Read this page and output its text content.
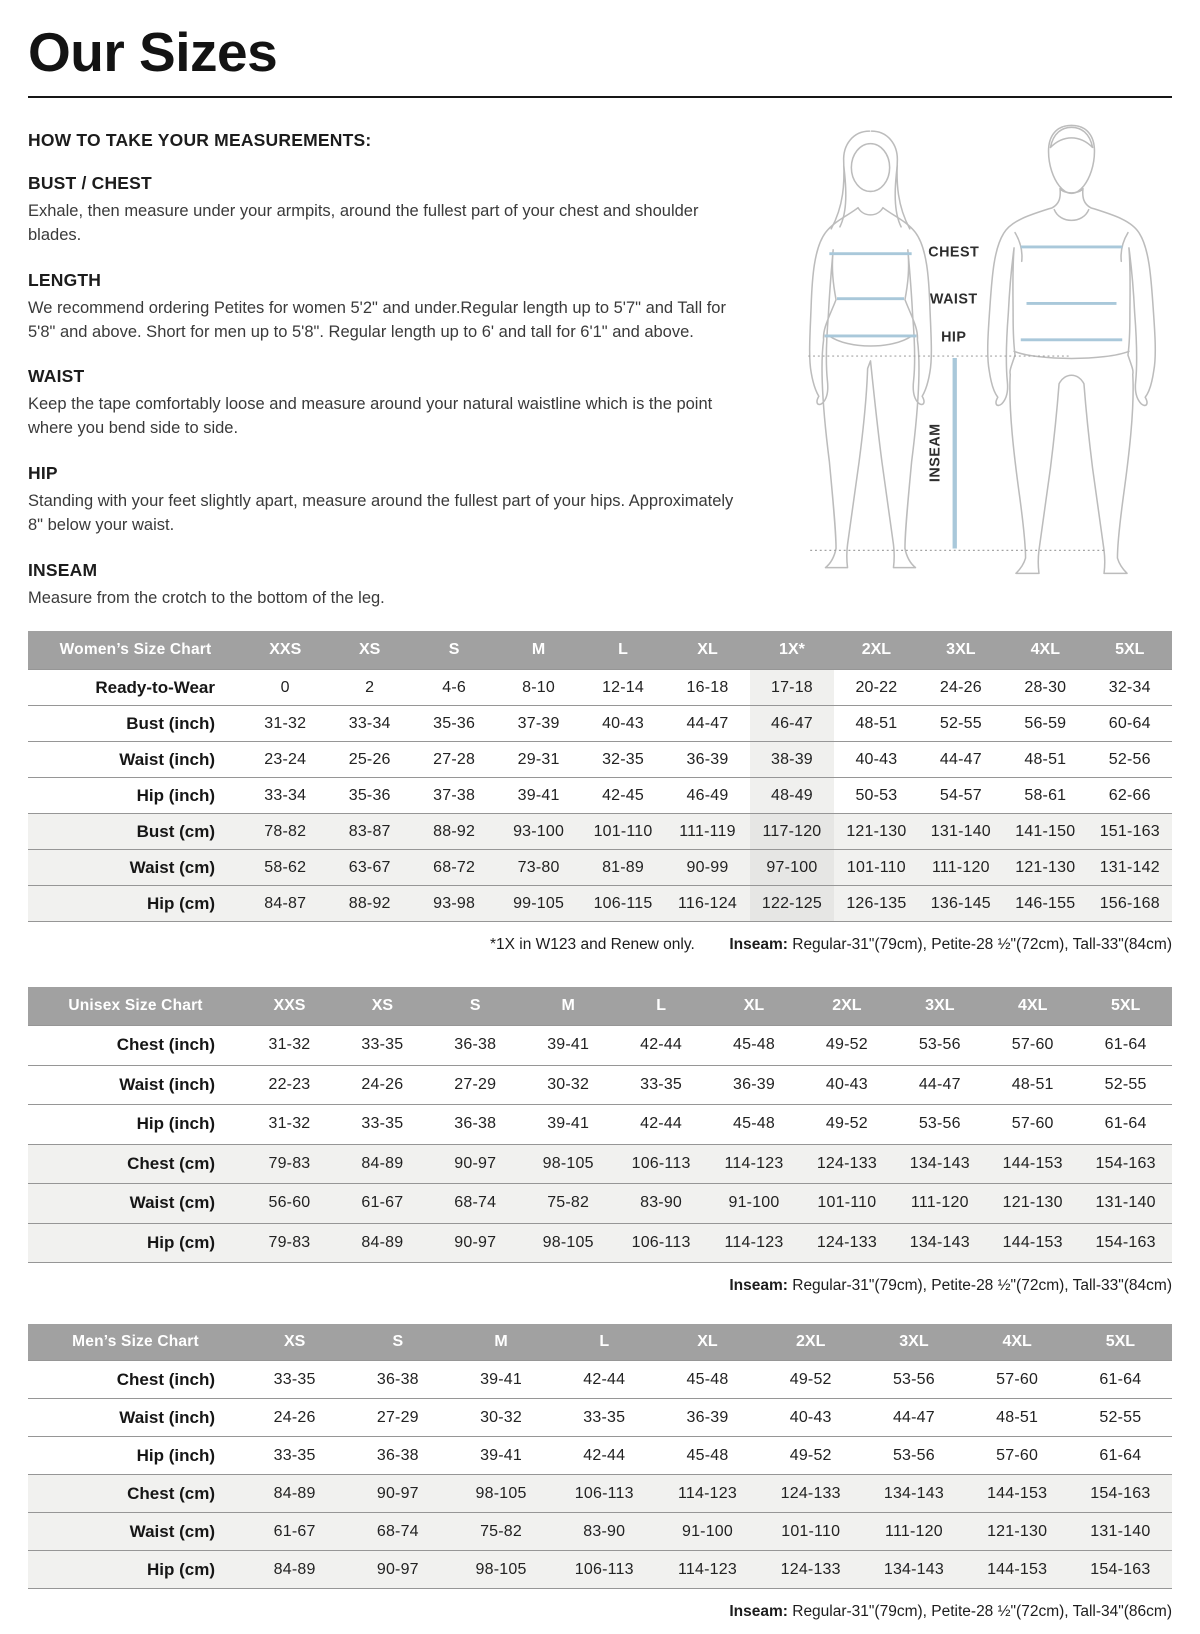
Our Sizes
HOW TO TAKE YOUR MEASUREMENTS:
BUST / CHEST
Exhale, then measure under your armpits, around the fullest part of your chest and shoulder blades.
LENGTH
We recommend ordering Petites for women 5'2" and under.Regular length up to 5'7" and Tall for 5'8" and above. Short for men up to 5'8". Regular length up to 6' and tall for 6'1" and above.
WAIST
Keep the tape comfortably loose and measure around your natural waistline which is the point where you bend side to side.
HIP
Standing with your feet slightly apart, measure around the fullest part of your hips. Approximately 8" below your waist.
INSEAM
Measure from the crotch to the bottom of the leg.
CHEST
WAIST
HIP
INSEAM
Women’s Size Chart	XXS	XS	S	M	L	XL	1X*	2XL	3XL	4XL	5XL
Ready-to-Wear	0	2	4-6	8-10	12-14	16-18	17-18	20-22	24-26	28-30	32-34
Bust (inch)	31-32	33-34	35-36	37-39	40-43	44-47	46-47	48-51	52-55	56-59	60-64
Waist (inch)	23-24	25-26	27-28	29-31	32-35	36-39	38-39	40-43	44-47	48-51	52-56
Hip (inch)	33-34	35-36	37-38	39-41	42-45	46-49	48-49	50-53	54-57	58-61	62-66
Bust (cm)	78-82	83-87	88-92	93-100	101-110	111-119	117-120	121-130	131-140	141-150	151-163
Waist (cm)	58-62	63-67	68-72	73-80	81-89	90-99	97-100	101-110	111-120	121-130	131-142
Hip (cm)	84-87	88-92	93-98	99-105	106-115	116-124	122-125	126-135	136-145	146-155	156-168
*1X in W123 and Renew only. Inseam: Regular-31"(79cm), Petite-28 ½"(72cm), Tall-33"(84cm)
Unisex Size Chart	XXS	XS	S	M	L	XL	2XL	3XL	4XL	5XL
Chest (inch)	31-32	33-35	36-38	39-41	42-44	45-48	49-52	53-56	57-60	61-64
Waist (inch)	22-23	24-26	27-29	30-32	33-35	36-39	40-43	44-47	48-51	52-55
Hip (inch)	31-32	33-35	36-38	39-41	42-44	45-48	49-52	53-56	57-60	61-64
Chest (cm)	79-83	84-89	90-97	98-105	106-113	114-123	124-133	134-143	144-153	154-163
Waist (cm)	56-60	61-67	68-74	75-82	83-90	91-100	101-110	111-120	121-130	131-140
Hip (cm)	79-83	84-89	90-97	98-105	106-113	114-123	124-133	134-143	144-153	154-163
Inseam: Regular-31"(79cm), Petite-28 ½"(72cm), Tall-33"(84cm)
Men’s Size Chart	XS	S	M	L	XL	2XL	3XL	4XL	5XL
Chest (inch)	33-35	36-38	39-41	42-44	45-48	49-52	53-56	57-60	61-64
Waist (inch)	24-26	27-29	30-32	33-35	36-39	40-43	44-47	48-51	52-55
Hip (inch)	33-35	36-38	39-41	42-44	45-48	49-52	53-56	57-60	61-64
Chest (cm)	84-89	90-97	98-105	106-113	114-123	124-133	134-143	144-153	154-163
Waist (cm)	61-67	68-74	75-82	83-90	91-100	101-110	111-120	121-130	131-140
Hip (cm)	84-89	90-97	98-105	106-113	114-123	124-133	134-143	144-153	154-163
Inseam: Regular-31"(79cm), Petite-28 ½"(72cm), Tall-34"(86cm)
